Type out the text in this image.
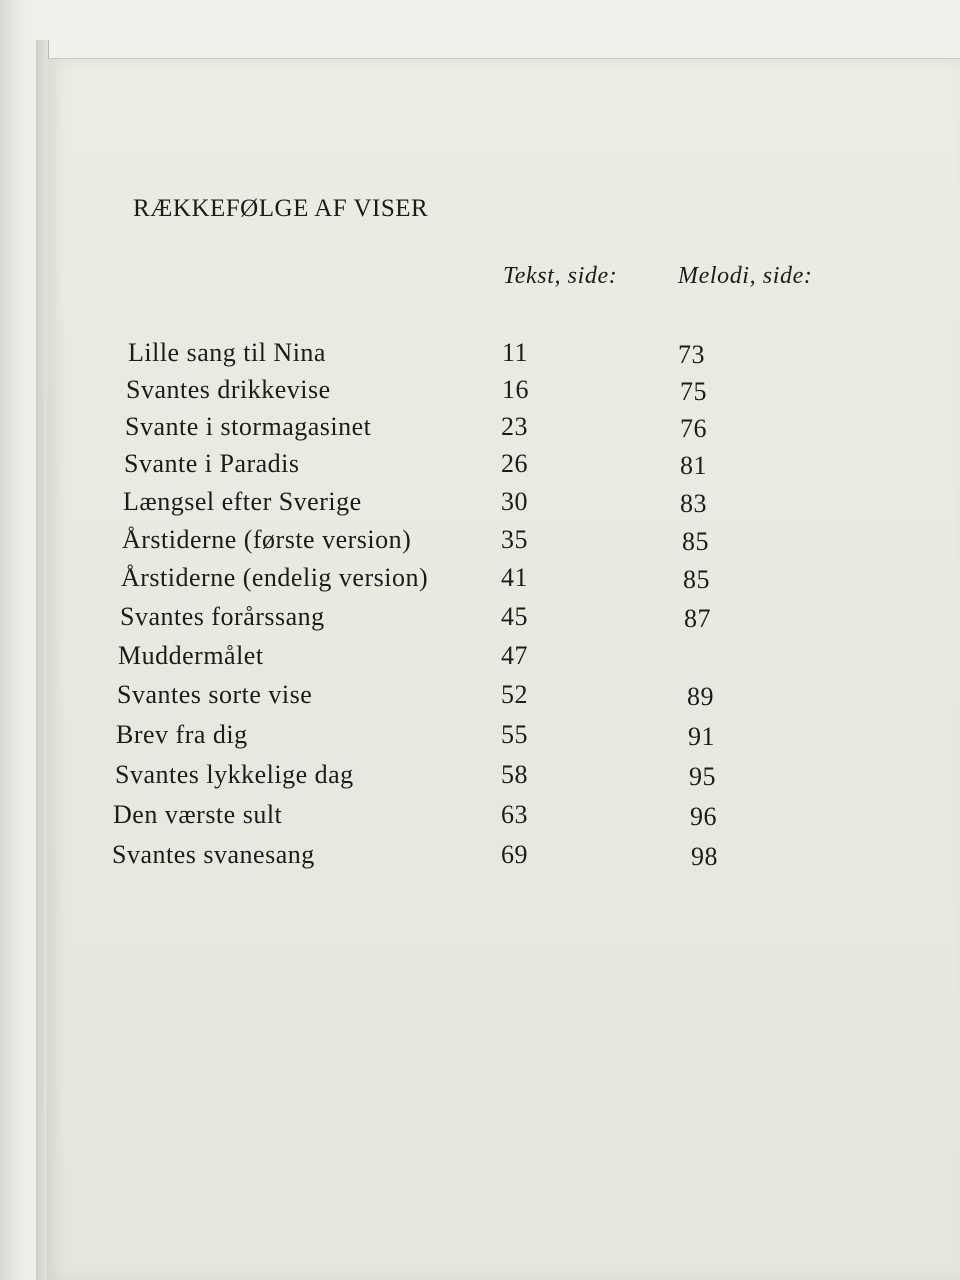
RÆKKEFØLGE AF VISER
Tekst, side:	Melodi, side:
Lille sang til Nina	11	73
Svantes drikkevise	16	75
Svante i stormagasinet	23	76
Svante i Paradis	26	81
Længsel efter Sverige	30	83
Årstiderne (første version)	35	85
Årstiderne (endelig version)	41	85
Svantes forårssang	45	87
Muddermålet	47
Svantes sorte vise	52	89
Brev fra dig	55	91
Svantes lykkelige dag	58	95
Den værste sult	63	96
Svantes svanesang	69	98
